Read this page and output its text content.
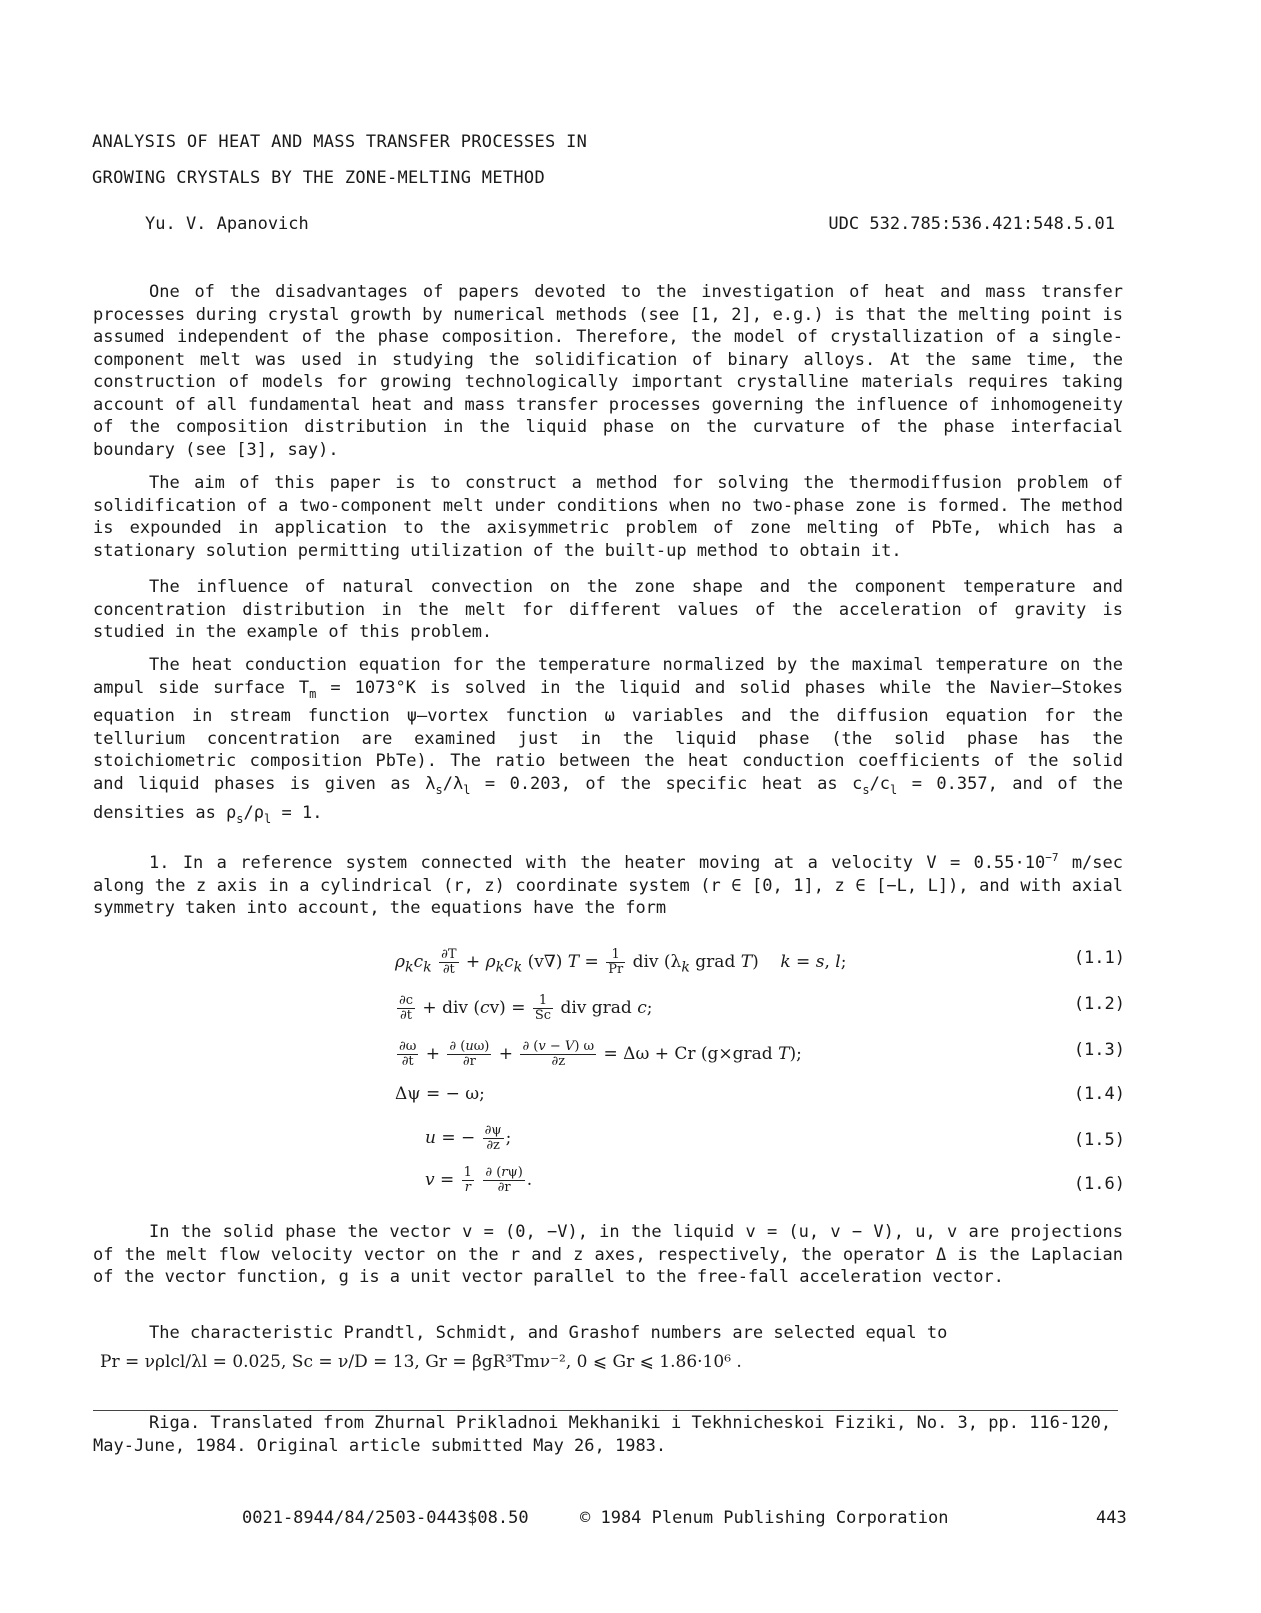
ANALYSIS OF HEAT AND MASS TRANSFER PROCESSES IN
GROWING CRYSTALS BY THE ZONE-MELTING METHOD
Yu. V. Apanovich	UDC 532.785:536.421:548.5.01

One of the disadvantages of papers devoted to the investigation of heat and mass transfer processes during crystal growth by numerical methods (see [1, 2], e.g.) is that the melting point is assumed independent of the phase composition. Therefore, the model of crystallization of a single-component melt was used in studying the solidification of binary alloys. At the same time, the construction of models for growing technologically important crystalline materials requires taking account of all fundamental heat and mass transfer processes governing the influence of inhomogeneity of the composition distribution in the liquid phase on the curvature of the phase interfacial boundary (see [3], say).

The aim of this paper is to construct a method for solving the thermodiffusion problem of solidification of a two-component melt under conditions when no two-phase zone is formed. The method is expounded in application to the axisymmetric problem of zone melting of PbTe, which has a stationary solution permitting utilization of the built-up method to obtain it.

The influence of natural convection on the zone shape and the component temperature and concentration distribution in the melt for different values of the acceleration of gravity is studied in the example of this problem.

The heat conduction equation for the temperature normalized by the maximal temperature on the ampul side surface $T_m = 1073^\circ K$ is solved in the liquid and solid phases while the Navier—Stokes equation in stream function ψ—vortex function ω variables and the diffusion equation for the tellurium concentration are examined just in the liquid phase (the solid phase has the stoichiometric composition PbTe). The ratio between the heat conduction coefficients of the solid and liquid phases is given as $\lambda_s/\lambda_l = 0.203$, of the specific heat as $c_s/c_l = 0.357$, and of the densities as $\rho_s/\rho_l = 1$.

1. In a reference system connected with the heater moving at a velocity $V = 0.55\cdot 10^{-7}$ m/sec along the z axis in a cylindrical (r, z) coordinate system (r ∈ [0, 1], z ∈ [−L, L]), and with axial symmetry taken into account, the equations have the form

$\rho_kc_k \frac{\partial T}{\partial t} + \rho_kc_k$ (v∇) $T = \frac{1}{Pr}$ div ($\lambda_k$ grad T)    k = s, l;	(1.1)
$\frac{\partial c}{\partial t}$ + div $(cv) = \frac{1}{Sc}$ div grad c;	(1.2)
$\frac{\partial\omega}{\partial t} + \frac{\partial (u\omega)}{\partial r} + \frac{\partial (v - V) \omega}{\partial z} = \Delta\omega + Cr$ (g×grad T);	(1.3)
Δψ = − ω;	(1.4)
u = − $\frac{\partial\psi}{\partial z}$ ;	(1.5)
$v = \frac{1}{r}$
$\frac{\partial (r\psi)}{\partial r}$ .	(1.6)

In the solid phase the vector v = (0, −V), in the liquid v = (u, v − V), u, v are projections of the melt flow velocity vector on the r and z axes, respectively, the operator Δ is the Laplacian of the vector function, g is a unit vector parallel to the free-fall acceleration vector.

The characteristic Prandtl, Schmidt, and Grashof numbers are selected equal to

Pr = νρlcl/λl = 0.025, Sc = ν/D = 13, Gr = βgR³Tmν⁻², 0 ⩽ Gr ⩽ 1.86·10⁶ .

Riga. Translated from Zhurnal Prikladnoi Mekhaniki i Tekhnicheskoi Fiziki, No. 3, pp. 116-120, May-June, 1984. Original article submitted May 26, 1983.

0021-8944/84/2503-0443$08.50	© 1984 Plenum Publishing Corporation	443
